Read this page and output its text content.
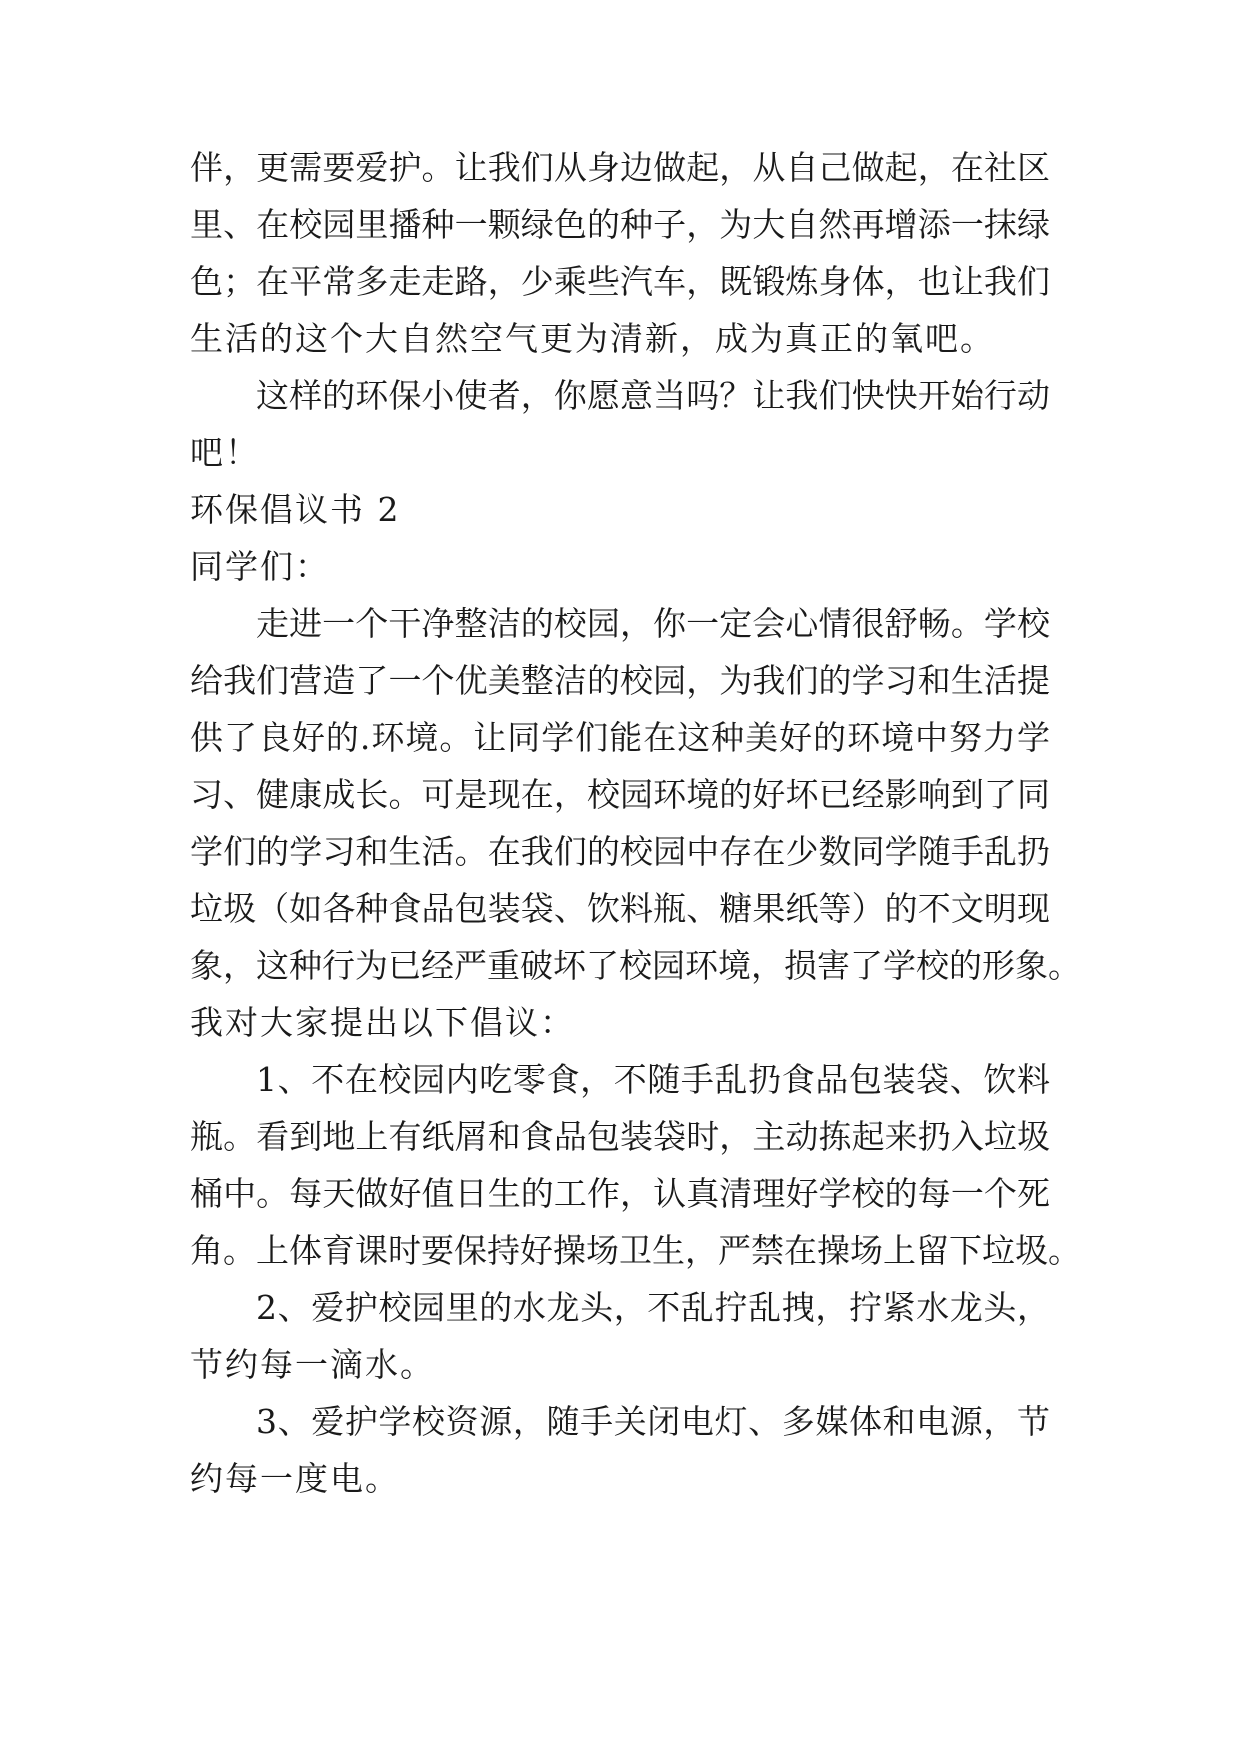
伴，更需要爱护。让我们从身边做起，从自己做起，在社区
里、在校园里播种一颗绿色的种子，为大自然再增添一抹绿
色；在平常多走走路，少乘些汽车，既锻炼身体，也让我们
生活的这个大自然空气更为清新，成为真正的氧吧。
这样的环保小使者，你愿意当吗？让我们快快开始行动
吧！
环保倡议书 2
同学们：
走进一个干净整洁的校园，你一定会心情很舒畅。学校
给我们营造了一个优美整洁的校园，为我们的学习和生活提
供了良好的.环境。让同学们能在这种美好的环境中努力学
习、健康成长。可是现在，校园环境的好坏已经影响到了同
学们的学习和生活。在我们的校园中存在少数同学随手乱扔
垃圾（如各种食品包装袋、饮料瓶、糖果纸等）的不文明现
象，这种行为已经严重破坏了校园环境，损害了学校的形象。
我对大家提出以下倡议：
1、不在校园内吃零食，不随手乱扔食品包装袋、饮料
瓶。看到地上有纸屑和食品包装袋时，主动拣起来扔入垃圾
桶中。每天做好值日生的工作，认真清理好学校的每一个死
角。上体育课时要保持好操场卫生，严禁在操场上留下垃圾。
2、爱护校园里的水龙头，不乱拧乱拽，拧紧水龙头，
节约每一滴水。
3、爱护学校资源，随手关闭电灯、多媒体和电源，节
约每一度电。
